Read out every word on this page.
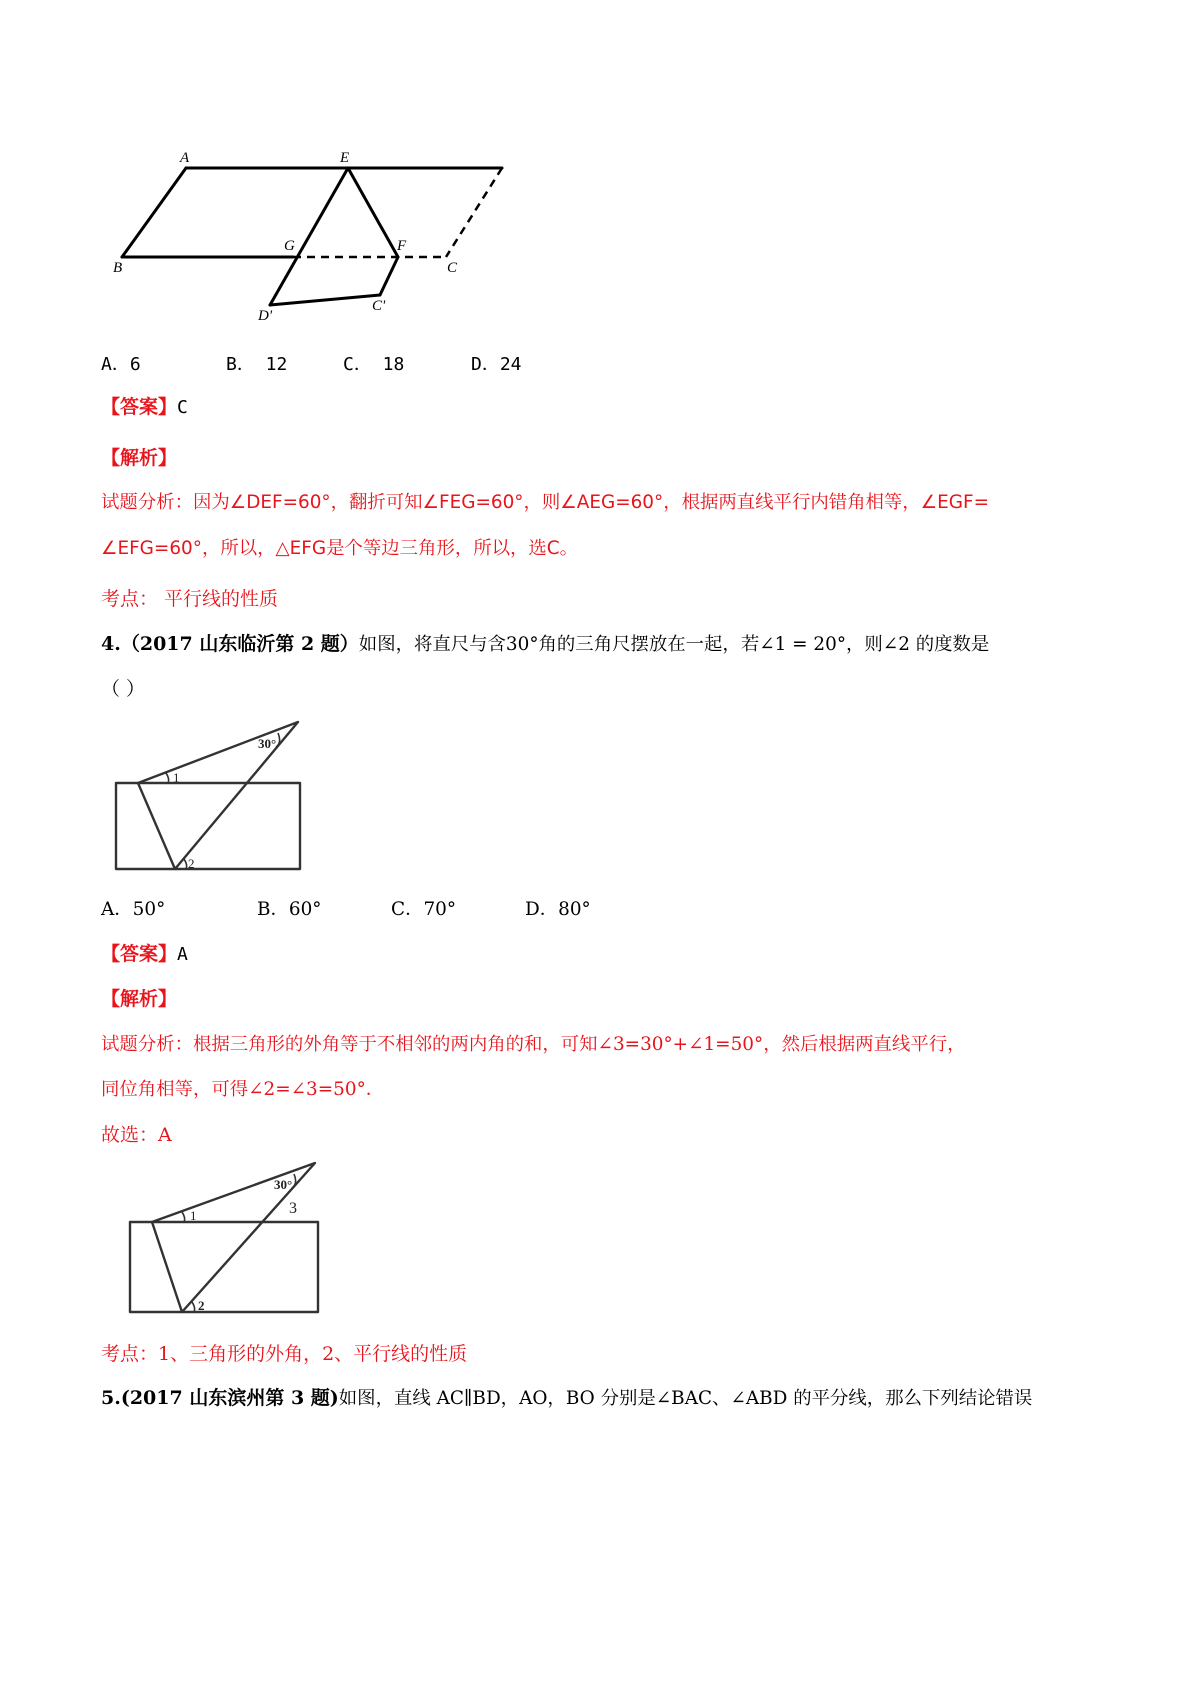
A	E
B
G	F
C
D'
C'
A．6	B． 12	C． 18	D．24
【答案】C
【解析】
试题分析：因为∠DEF=60°，翻折可知∠FEG=60°，则∠AEG=60°，根据两直线平行内错角相等，∠EGF=
∠EFG=60°，所以，△EFG是个等边三角形，所以，选C。
考点： 平行线的性质
4.（2017 山东临沂第 2 题）如图，将直尺与含30°角的三角尺摆放在一起，若∠1 = 20°，则∠2 的度数是
（ ）
30°
1
2
A．50°	B．60°	C．70°	D．80°
【答案】A
【解析】
试题分析：根据三角形的外角等于不相邻的两内角的和，可知∠3=30°+∠1=50°，然后根据两直线平行，
同位角相等，可得∠2=∠3=50°．
故选：A
30°
1
2
3
考点：1、三角形的外角，2、平行线的性质
5.(2017 山东滨州第 3 题)如图，直线 AC∥BD，AO，BO 分别是∠BAC、∠ABD 的平分线，那么下列结论错误
